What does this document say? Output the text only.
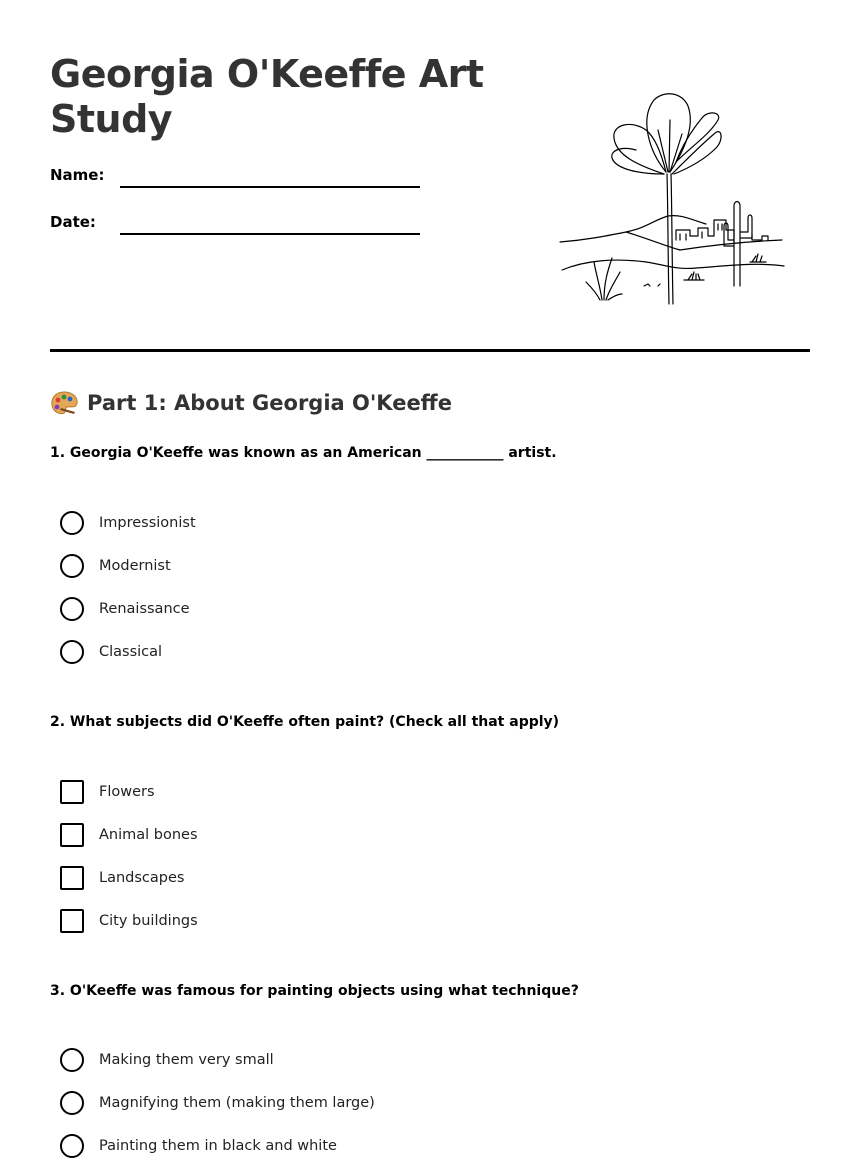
Georgia O'Keeffe Art Study
Name:
Date:
Part 1: About Georgia O'Keeffe

1. Georgia O'Keeffe was known as an American ___________ artist.

Impressionist
Modernist
Renaissance
Classical

2. What subjects did O'Keeffe often paint? (Check all that apply)

Flowers
Animal bones
Landscapes
City buildings

3. O'Keeffe was famous for painting objects using what technique?

Making them very small
Magnifying them (making them large)
Painting them in black and white
